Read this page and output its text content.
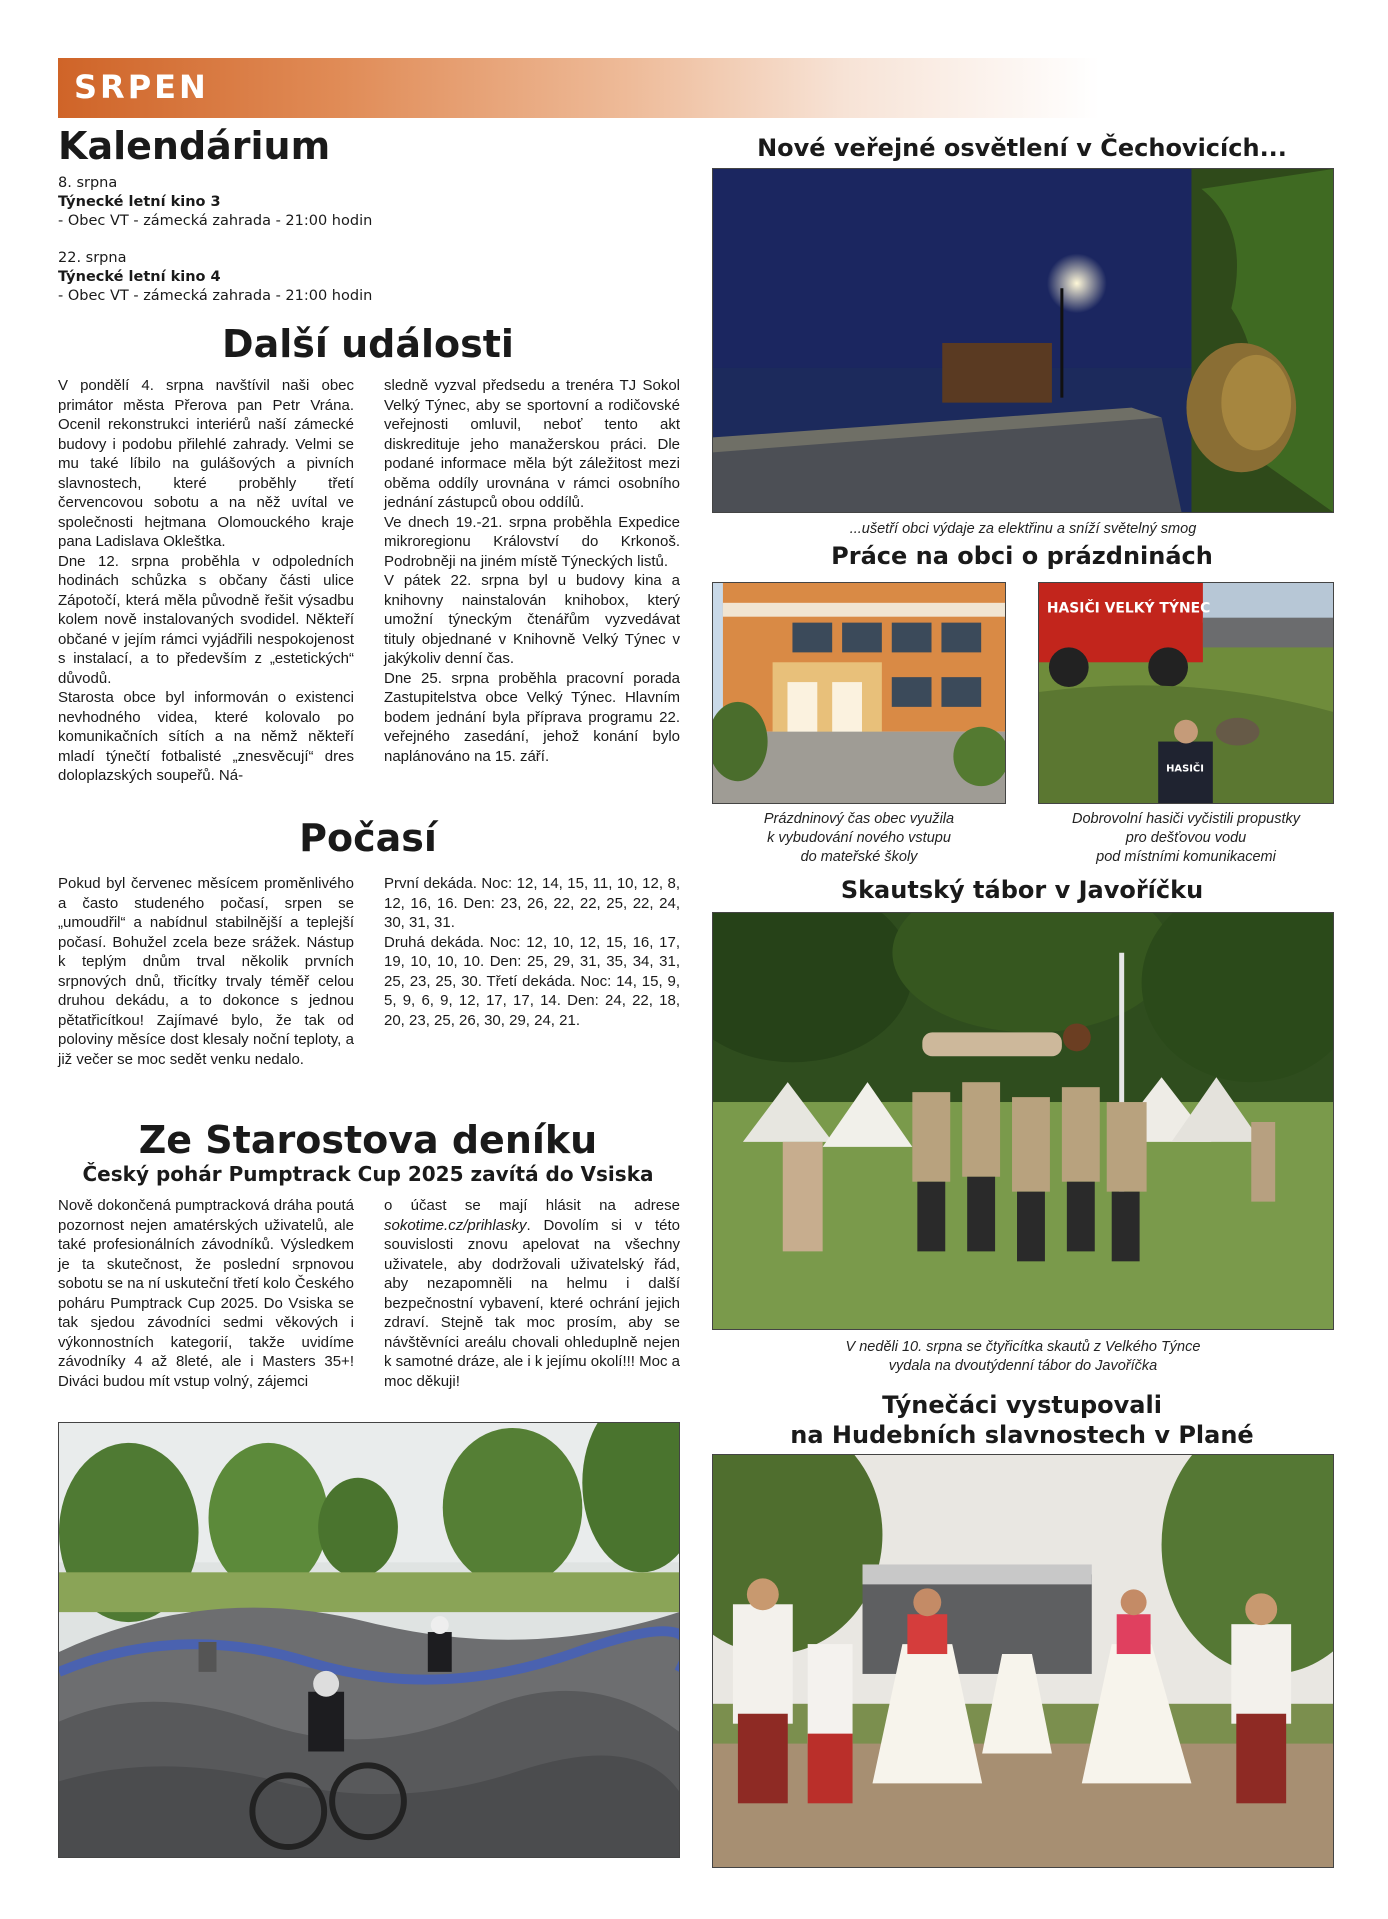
SRPEN
Kalendárium
8. srpna
Týnecké letní kino 3
- Obec VT - zámecká zahrada - 21:00 hodin
22. srpna
Týnecké letní kino 4
- Obec VT - zámecká zahrada - 21:00 hodin
Další události

V pondělí 4. srpna navštívil naši obec primátor města Přerova pan Petr Vrána. Ocenil rekonstrukci interiérů naší zámecké budovy i podobu přilehlé zahrady. Velmi se mu také líbilo na gulášových a pivních slavnostech, které proběhly třetí červencovou sobotu a na něž uvítal ve společnosti hejtmana Olomouckého kraje pana Ladislava Okleštka.

Dne 12. srpna proběhla v odpoledních hodinách schůzka s občany části ulice Zápotočí, která měla původně řešit výsadbu kolem nově instalovaných svodidel. Někteří občané v jejím rámci vyjádřili nespokojenost s instalací, a to především z „estetických“ důvodů.

Starosta obce byl informován o existenci nevhodného videa, které kolovalo po komunikačních sítích a na němž někteří mladí týnečtí fotbalisté „znesvěcují“ dres doloplazských soupeřů. Ná-

sledně vyzval předsedu a trenéra TJ Sokol Velký Týnec, aby se sportovní a rodičovské veřejnosti omluvil, neboť tento akt diskredituje jeho manažerskou práci. Dle podané informace měla být záležitost mezi oběma oddíly urovnána v rámci osobního jednání zástupců obou oddílů.

Ve dnech 19.-21. srpna proběhla Expedice mikroregionu Království do Krkonoš. Podrobněji na jiném místě Týneckých listů.

V pátek 22. srpna byl u budovy kina a knihovny nainstalován knihobox, který umožní týneckým čtenářům vyzvedávat tituly objednané v Knihovně Velký Týnec v jakýkoliv denní čas.

Dne 25. srpna proběhla pracovní porada Zastupitelstva obce Velký Týnec. Hlavním bodem jednání byla příprava programu 22. veřejného zasedání, jehož konání bylo naplánováno na 15. září.

Počasí

Pokud byl červenec měsícem proměnlivého a často studeného počasí, srpen se „umoudřil“ a nabídnul stabilnější a teplejší počasí. Bohužel zcela beze srážek. Nástup k teplým dnům trval několik prvních srpnových dnů, třicítky trvaly téměř celou druhou dekádu, a to dokonce s jednou pětatřicítkou! Zajímavé bylo, že tak od poloviny měsíce dost klesaly noční teploty, a již večer se moc sedět venku nedalo.

První dekáda. Noc: 12, 14, 15, 11, 10, 12, 8, 12, 16, 16. Den: 23, 26, 22, 22, 25, 22, 24, 30, 31, 31.

Druhá dekáda. Noc: 12, 10, 12, 15, 16, 17, 19, 10, 10, 10. Den: 25, 29, 31, 35, 34, 31, 25, 23, 25, 30. Třetí dekáda. Noc: 14, 15, 9, 5, 9, 6, 9, 12, 17, 17, 14. Den: 24, 22, 18, 20, 23, 25, 26, 30, 29, 24, 21.

Ze Starostova deníku
Český pohár Pumptrack Cup 2025 zavítá do Vsiska

Nově dokončená pumptracková dráha poutá pozornost nejen amatérských uživatelů, ale také profesionálních závodníků. Výsledkem je ta skutečnost, že poslední srpnovou sobotu se na ní uskuteční třetí kolo Českého poháru Pumptrack Cup 2025. Do Vsiska se tak sjedou závodníci sedmi věkových i výkonnostních kategorií, takže uvidíme závodníky 4 až 8leté, ale i Masters 35+! Diváci budou mít vstup volný, zájemci

o účast se mají hlásit na adrese sokotime.cz/prihlasky. Dovolím si v této souvislosti znovu apelovat na všechny uživatele, aby dodržovali uživatelský řád, aby nezapomněli na helmu i další bezpečnostní vybavení, které ochrání jejich zdraví. Stejně tak moc prosím, aby se návštěvníci areálu chovali ohleduplně nejen k samotné dráze, ale i k jejímu okolí!!! Moc a moc děkuji!

Nové veřejné osvětlení v Čechovicích...
...ušetří obci výdaje za elektřinu a sníží světelný smog
Práce na obci o prázdninách
HASIČI VELKÝ TÝNEC
HASIČI
Prázdninový čas obec využila
k vybudování nového vstupu
do mateřské školy
Dobrovolní hasiči vyčistili propustky
pro dešťovou vodu
pod místními komunikacemi
Skautský tábor v Javoříčku
V neděli 10. srpna se čtyřicítka skautů z Velkého Týnce
vydala na dvoutýdenní tábor do Javoříčka
Týnečáci vystupovali
na Hudebních slavnostech v Plané
